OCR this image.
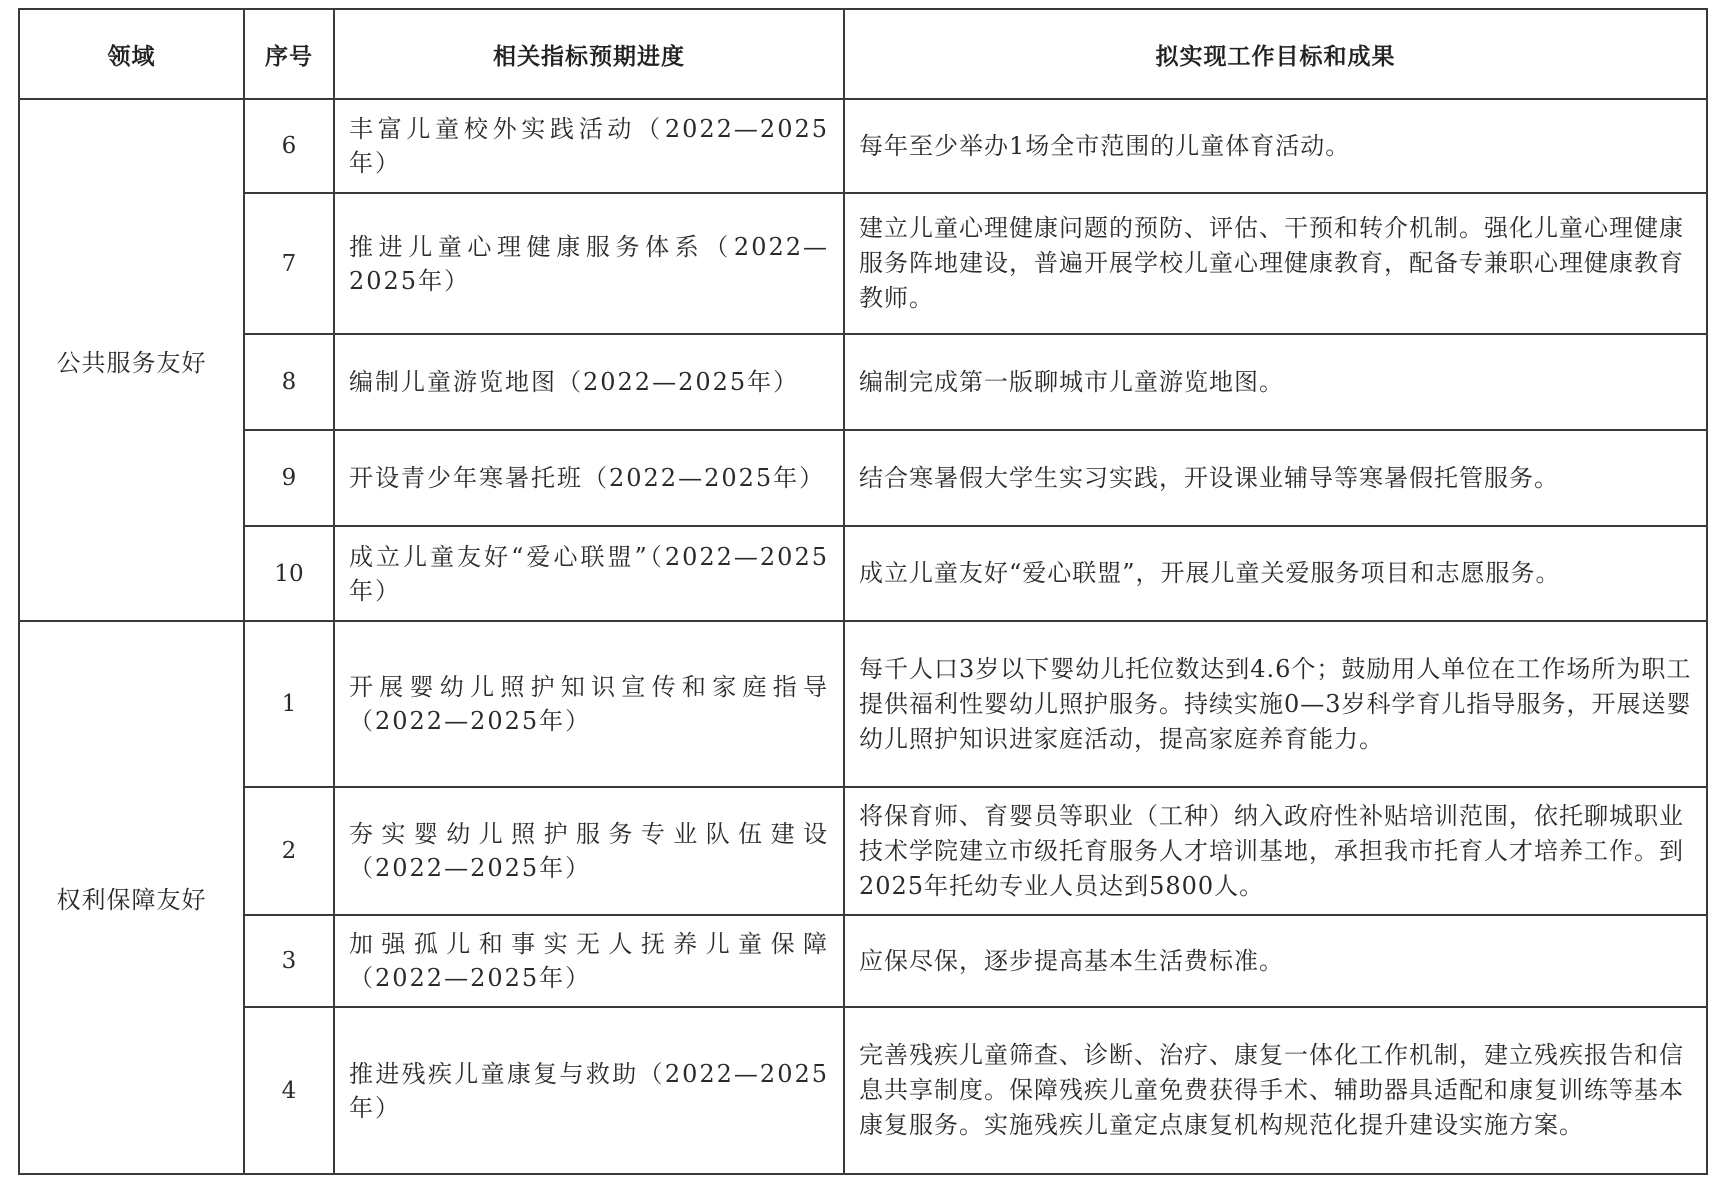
领域	序号	相关指标预期进度	拟实现工作目标和成果
公共服务友好	6	丰富儿童校外实践活动（2022—2025年）	每年至少举办1场全市范围的儿童体育活动。
	7	推进儿童心理健康服务体系（2022—2025年）	建立儿童心理健康问题的预防、评估、干预和转介机制。强化儿童心理健康服务阵地建设，普遍开展学校儿童心理健康教育，配备专兼职心理健康教育教师。
	8	编制儿童游览地图（2022—2025年）	编制完成第一版聊城市儿童游览地图。
	9	开设青少年寒暑托班（2022—2025年）	结合寒暑假大学生实习实践，开设课业辅导等寒暑假托管服务。
	10	成立儿童友好“爱心联盟”（2022—2025年）	成立儿童友好“爱心联盟”，开展儿童关爱服务项目和志愿服务。
权利保障友好	1	开展婴幼儿照护知识宣传和家庭指导（2022—2025年）	每千人口3岁以下婴幼儿托位数达到4.6个；鼓励用人单位在工作场所为职工提供福利性婴幼儿照护服务。持续实施0—3岁科学育儿指导服务，开展送婴幼儿照护知识进家庭活动，提高家庭养育能力。
	2	夯实婴幼儿照护服务专业队伍建设（2022—2025年）	将保育师、育婴员等职业（工种）纳入政府性补贴培训范围，依托聊城职业技术学院建立市级托育服务人才培训基地，承担我市托育人才培养工作。到2025年托幼专业人员达到5800人。
	3	加强孤儿和事实无人抚养儿童保障（2022—2025年）	应保尽保，逐步提高基本生活费标准。
	4	推进残疾儿童康复与救助（2022—2025年）	完善残疾儿童筛查、诊断、治疗、康复一体化工作机制，建立残疾报告和信息共享制度。保障残疾儿童免费获得手术、辅助器具适配和康复训练等基本康复服务。实施残疾儿童定点康复机构规范化提升建设实施方案。
